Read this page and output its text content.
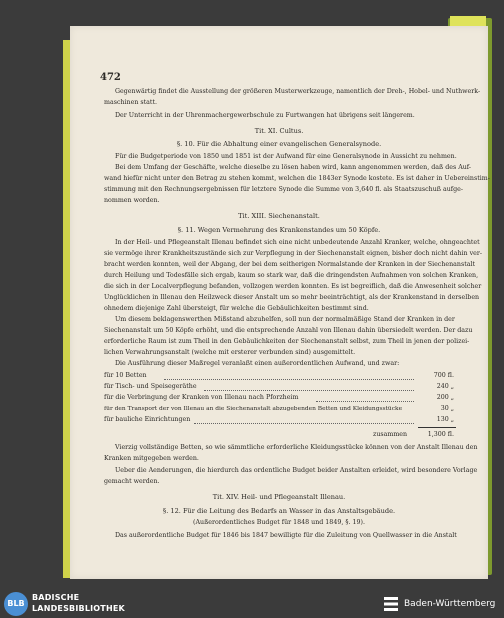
472
Gegenwärtig findet die Ausstellung der größeren Musterwerkzeuge, namentlich der Dreh-, Hobel- und Nuthwerk-
maschinen statt.
Der Unterricht in der Uhrenmachergewerbschule zu Furtwangen hat übrigens seit längerem.
Tit. XI. Cultus.
§. 10. Für die Abhaltung einer evangelischen Generalsynode.
Für die Budgetperiode von 1850 und 1851 ist der Aufwand für eine Generalsynode in Aussicht zu nehmen.
Bei dem Umfang der Geschäfte, welche dieselbe zu lösen haben wird, kann angenommen werden, daß des Auf-
wand hiefür nicht unter den Betrag zu stehen kommt, welchen die 1843er Synode kostete. Es ist daher in Uebereinstim-
stimmung mit den Rechnungsergebnissen für letztere Synode die Summe von 3,640 fl. als Staatszuschuß aufge-
nommen worden.
Tit. XIII. Siechenanstalt.
§. 11. Wegen Vermehrung des Krankenstandes um 50 Köpfe.
In der Heil- und Pflegeanstalt Illenau befindet sich eine nicht unbedeutende Anzahl Kranker, welche, ohngeachtet
sie vermöge ihrer Krankheitszustände sich zur Verpflegung in der Siechenanstalt eignen, bisher doch nicht dahin ver-
bracht werden konnten, weil der Abgang, der bei dem seitherigen Normalstande der Kranken in der Siechenanstalt
durch Heilung und Todesfälle sich ergab, kaum so stark war, daß die dringendsten Aufnahmen von solchen Kranken,
die sich in der Localverpflegung befanden, vollzogen werden konnten. Es ist begreiflich, daß die Anwesenheit solcher
Unglücklichen in Illenau den Heilzweck dieser Anstalt um so mehr beeinträchtigt, als der Krankenstand in derselben
ohnedem diejenige Zahl übersteigt, für welche die Gebäulichkeiten bestimmt sind.
Um diesem beklagenswerthen Mißstand abzuhelfen, soll nun der normalmäßige Stand der Kranken in der
Siechenanstalt um 50 Köpfe erhöht, und die entsprechende Anzahl von Illenau dahin übersiedelt werden. Der dazu
erforderliche Raum ist zum Theil in den Gebäulichkeiten der Siechenanstalt selbst, zum Theil in jenen der polizei-
lichen Verwahrungsanstalt (welche mit ersterer verbunden sind) ausgemittelt.
Die Ausführung dieser Maßregel veranlaßt einen außerordentlichen Aufwand, und zwar:
für 10 Betten	700 fl.
für Tisch- und Speisegeräthe	240 „
für die Verbringung der Kranken von Illenau nach Pforzheim	200 „
für den Transport der von Illenau an die Siechenanstalt abzugebenden Betten und Kleidungsstücke	30 „
für bauliche Einrichtungen	130 „
zusammen	1,300 fl.
Vierzig vollständige Betten, so wie sämmtliche erforderliche Kleidungsstücke können von der Anstalt Illenau den
Kranken mitgegeben werden.
Ueber die Aenderungen, die hierdurch das ordentliche Budget beider Anstalten erleidet, wird besondere Vorlage
gemacht werden.
Tit. XIV. Heil- und Pflegeanstalt Illenau.
§. 12. Für die Leitung des Bedarfs an Wasser in das Anstaltsgebäude.
(Außerordentliches Budget für 1848 und 1849, §. 19).
Das außerordentliche Budget für 1846 bis 1847 bewilligte für die Zuleitung von Quellwasser in die Anstalt
BLB
BADISCHE
LANDESBIBLIOTHEK	Baden-Württemberg
